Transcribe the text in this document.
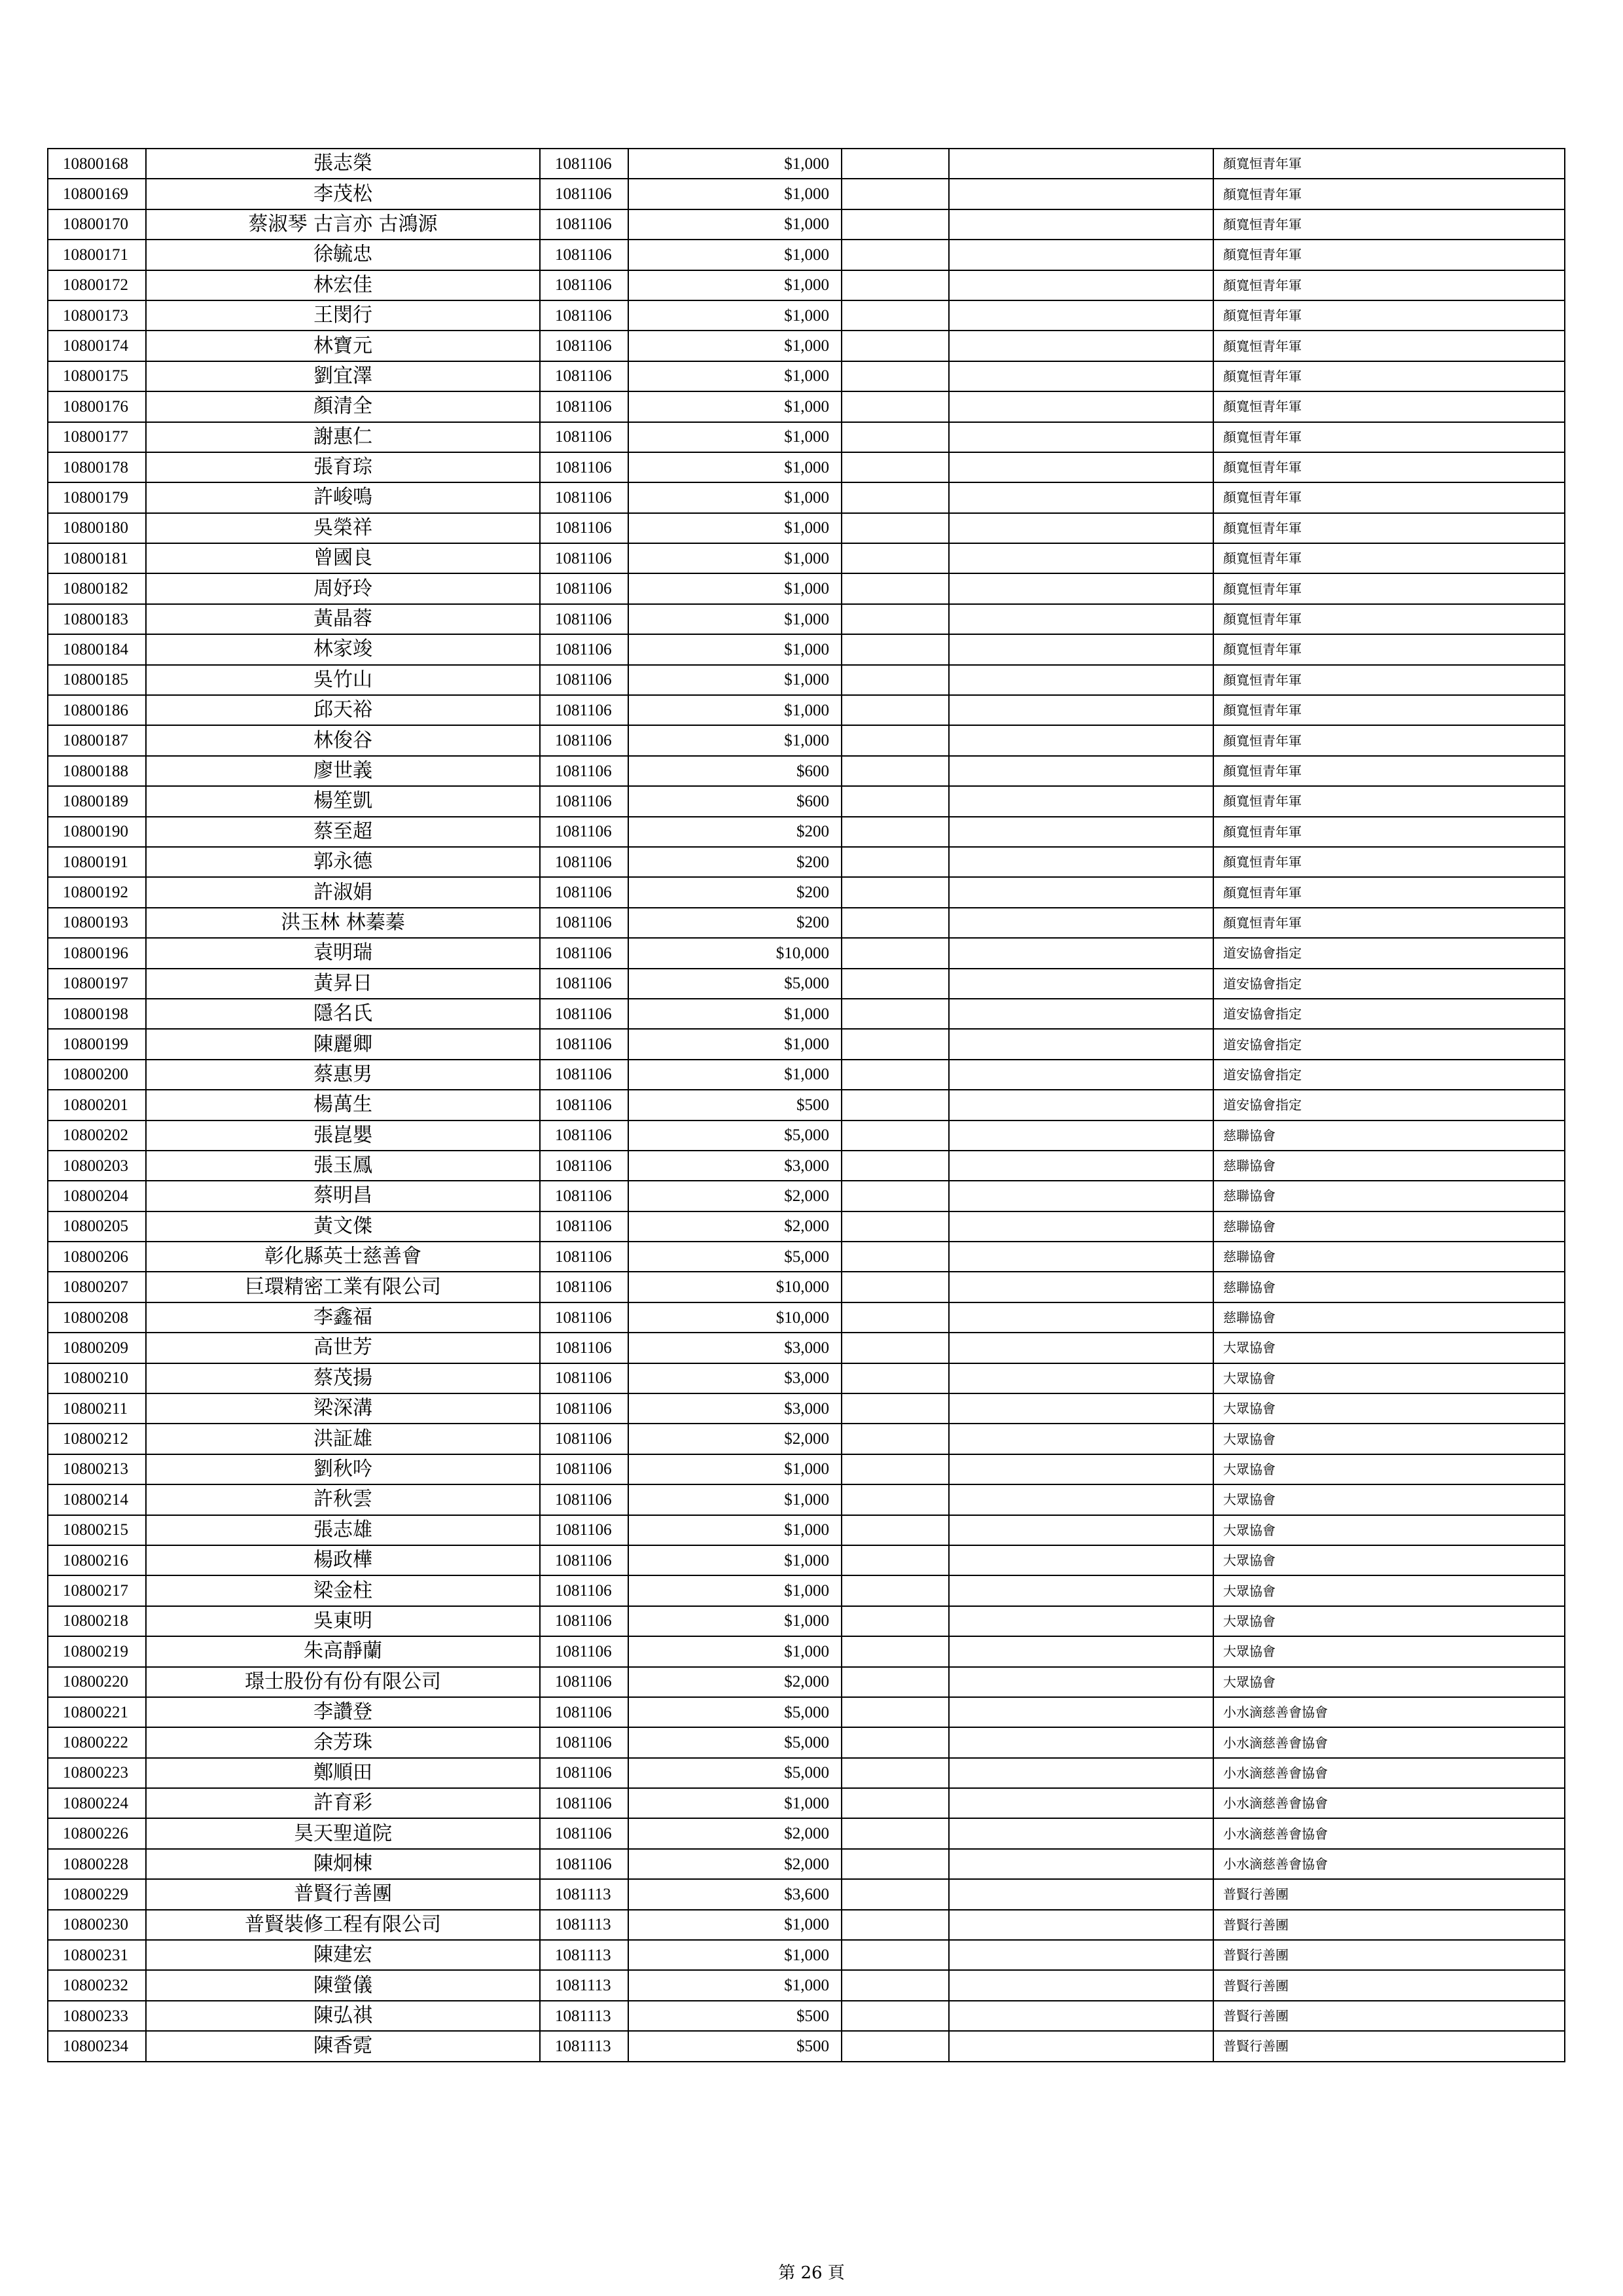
10800168	張志榮	1081106	$1,000			顏寬恒青年軍
10800169	李茂松	1081106	$1,000			顏寬恒青年軍
10800170	蔡淑琴 古言亦 古鴻源	1081106	$1,000			顏寬恒青年軍
10800171	徐毓忠	1081106	$1,000			顏寬恒青年軍
10800172	林宏佳	1081106	$1,000			顏寬恒青年軍
10800173	王閔行	1081106	$1,000			顏寬恒青年軍
10800174	林寶元	1081106	$1,000			顏寬恒青年軍
10800175	劉宜澤	1081106	$1,000			顏寬恒青年軍
10800176	顏清全	1081106	$1,000			顏寬恒青年軍
10800177	謝惠仁	1081106	$1,000			顏寬恒青年軍
10800178	張育琮	1081106	$1,000			顏寬恒青年軍
10800179	許峻鳴	1081106	$1,000			顏寬恒青年軍
10800180	吳榮祥	1081106	$1,000			顏寬恒青年軍
10800181	曾國良	1081106	$1,000			顏寬恒青年軍
10800182	周妤玲	1081106	$1,000			顏寬恒青年軍
10800183	黃晶蓉	1081106	$1,000			顏寬恒青年軍
10800184	林家竣	1081106	$1,000			顏寬恒青年軍
10800185	吳竹山	1081106	$1,000			顏寬恒青年軍
10800186	邱天裕	1081106	$1,000			顏寬恒青年軍
10800187	林俊谷	1081106	$1,000			顏寬恒青年軍
10800188	廖世義	1081106	$600			顏寬恒青年軍
10800189	楊笙凱	1081106	$600			顏寬恒青年軍
10800190	蔡至超	1081106	$200			顏寬恒青年軍
10800191	郭永德	1081106	$200			顏寬恒青年軍
10800192	許淑娟	1081106	$200			顏寬恒青年軍
10800193	洪玉林 林蓁蓁	1081106	$200			顏寬恒青年軍
10800196	袁明瑞	1081106	$10,000			道安協會指定
10800197	黃昇日	1081106	$5,000			道安協會指定
10800198	隱名氏	1081106	$1,000			道安協會指定
10800199	陳麗卿	1081106	$1,000			道安協會指定
10800200	蔡惠男	1081106	$1,000			道安協會指定
10800201	楊萬生	1081106	$500			道安協會指定
10800202	張崑嬰	1081106	$5,000			慈聯協會
10800203	張玉鳳	1081106	$3,000			慈聯協會
10800204	蔡明昌	1081106	$2,000			慈聯協會
10800205	黃文傑	1081106	$2,000			慈聯協會
10800206	彰化縣英士慈善會	1081106	$5,000			慈聯協會
10800207	巨環精密工業有限公司	1081106	$10,000			慈聯協會
10800208	李鑫福	1081106	$10,000			慈聯協會
10800209	高世芳	1081106	$3,000			大眾協會
10800210	蔡茂揚	1081106	$3,000			大眾協會
10800211	梁深溝	1081106	$3,000			大眾協會
10800212	洪証雄	1081106	$2,000			大眾協會
10800213	劉秋吟	1081106	$1,000			大眾協會
10800214	許秋雲	1081106	$1,000			大眾協會
10800215	張志雄	1081106	$1,000			大眾協會
10800216	楊政樺	1081106	$1,000			大眾協會
10800217	梁金柱	1081106	$1,000			大眾協會
10800218	吳東明	1081106	$1,000			大眾協會
10800219	朱高靜蘭	1081106	$1,000			大眾協會
10800220	璟士股份有份有限公司	1081106	$2,000			大眾協會
10800221	李讚登	1081106	$5,000			小水滴慈善會協會
10800222	余芳珠	1081106	$5,000			小水滴慈善會協會
10800223	鄭順田	1081106	$5,000			小水滴慈善會協會
10800224	許育彩	1081106	$1,000			小水滴慈善會協會
10800226	昊天聖道院	1081106	$2,000			小水滴慈善會協會
10800228	陳炯棟	1081106	$2,000			小水滴慈善會協會
10800229	普賢行善團	1081113	$3,600			普賢行善團
10800230	普賢裝修工程有限公司	1081113	$1,000			普賢行善團
10800231	陳建宏	1081113	$1,000			普賢行善團
10800232	陳螢儀	1081113	$1,000			普賢行善團
10800233	陳弘祺	1081113	$500			普賢行善團
10800234	陳香霓	1081113	$500			普賢行善團
第 26 頁
